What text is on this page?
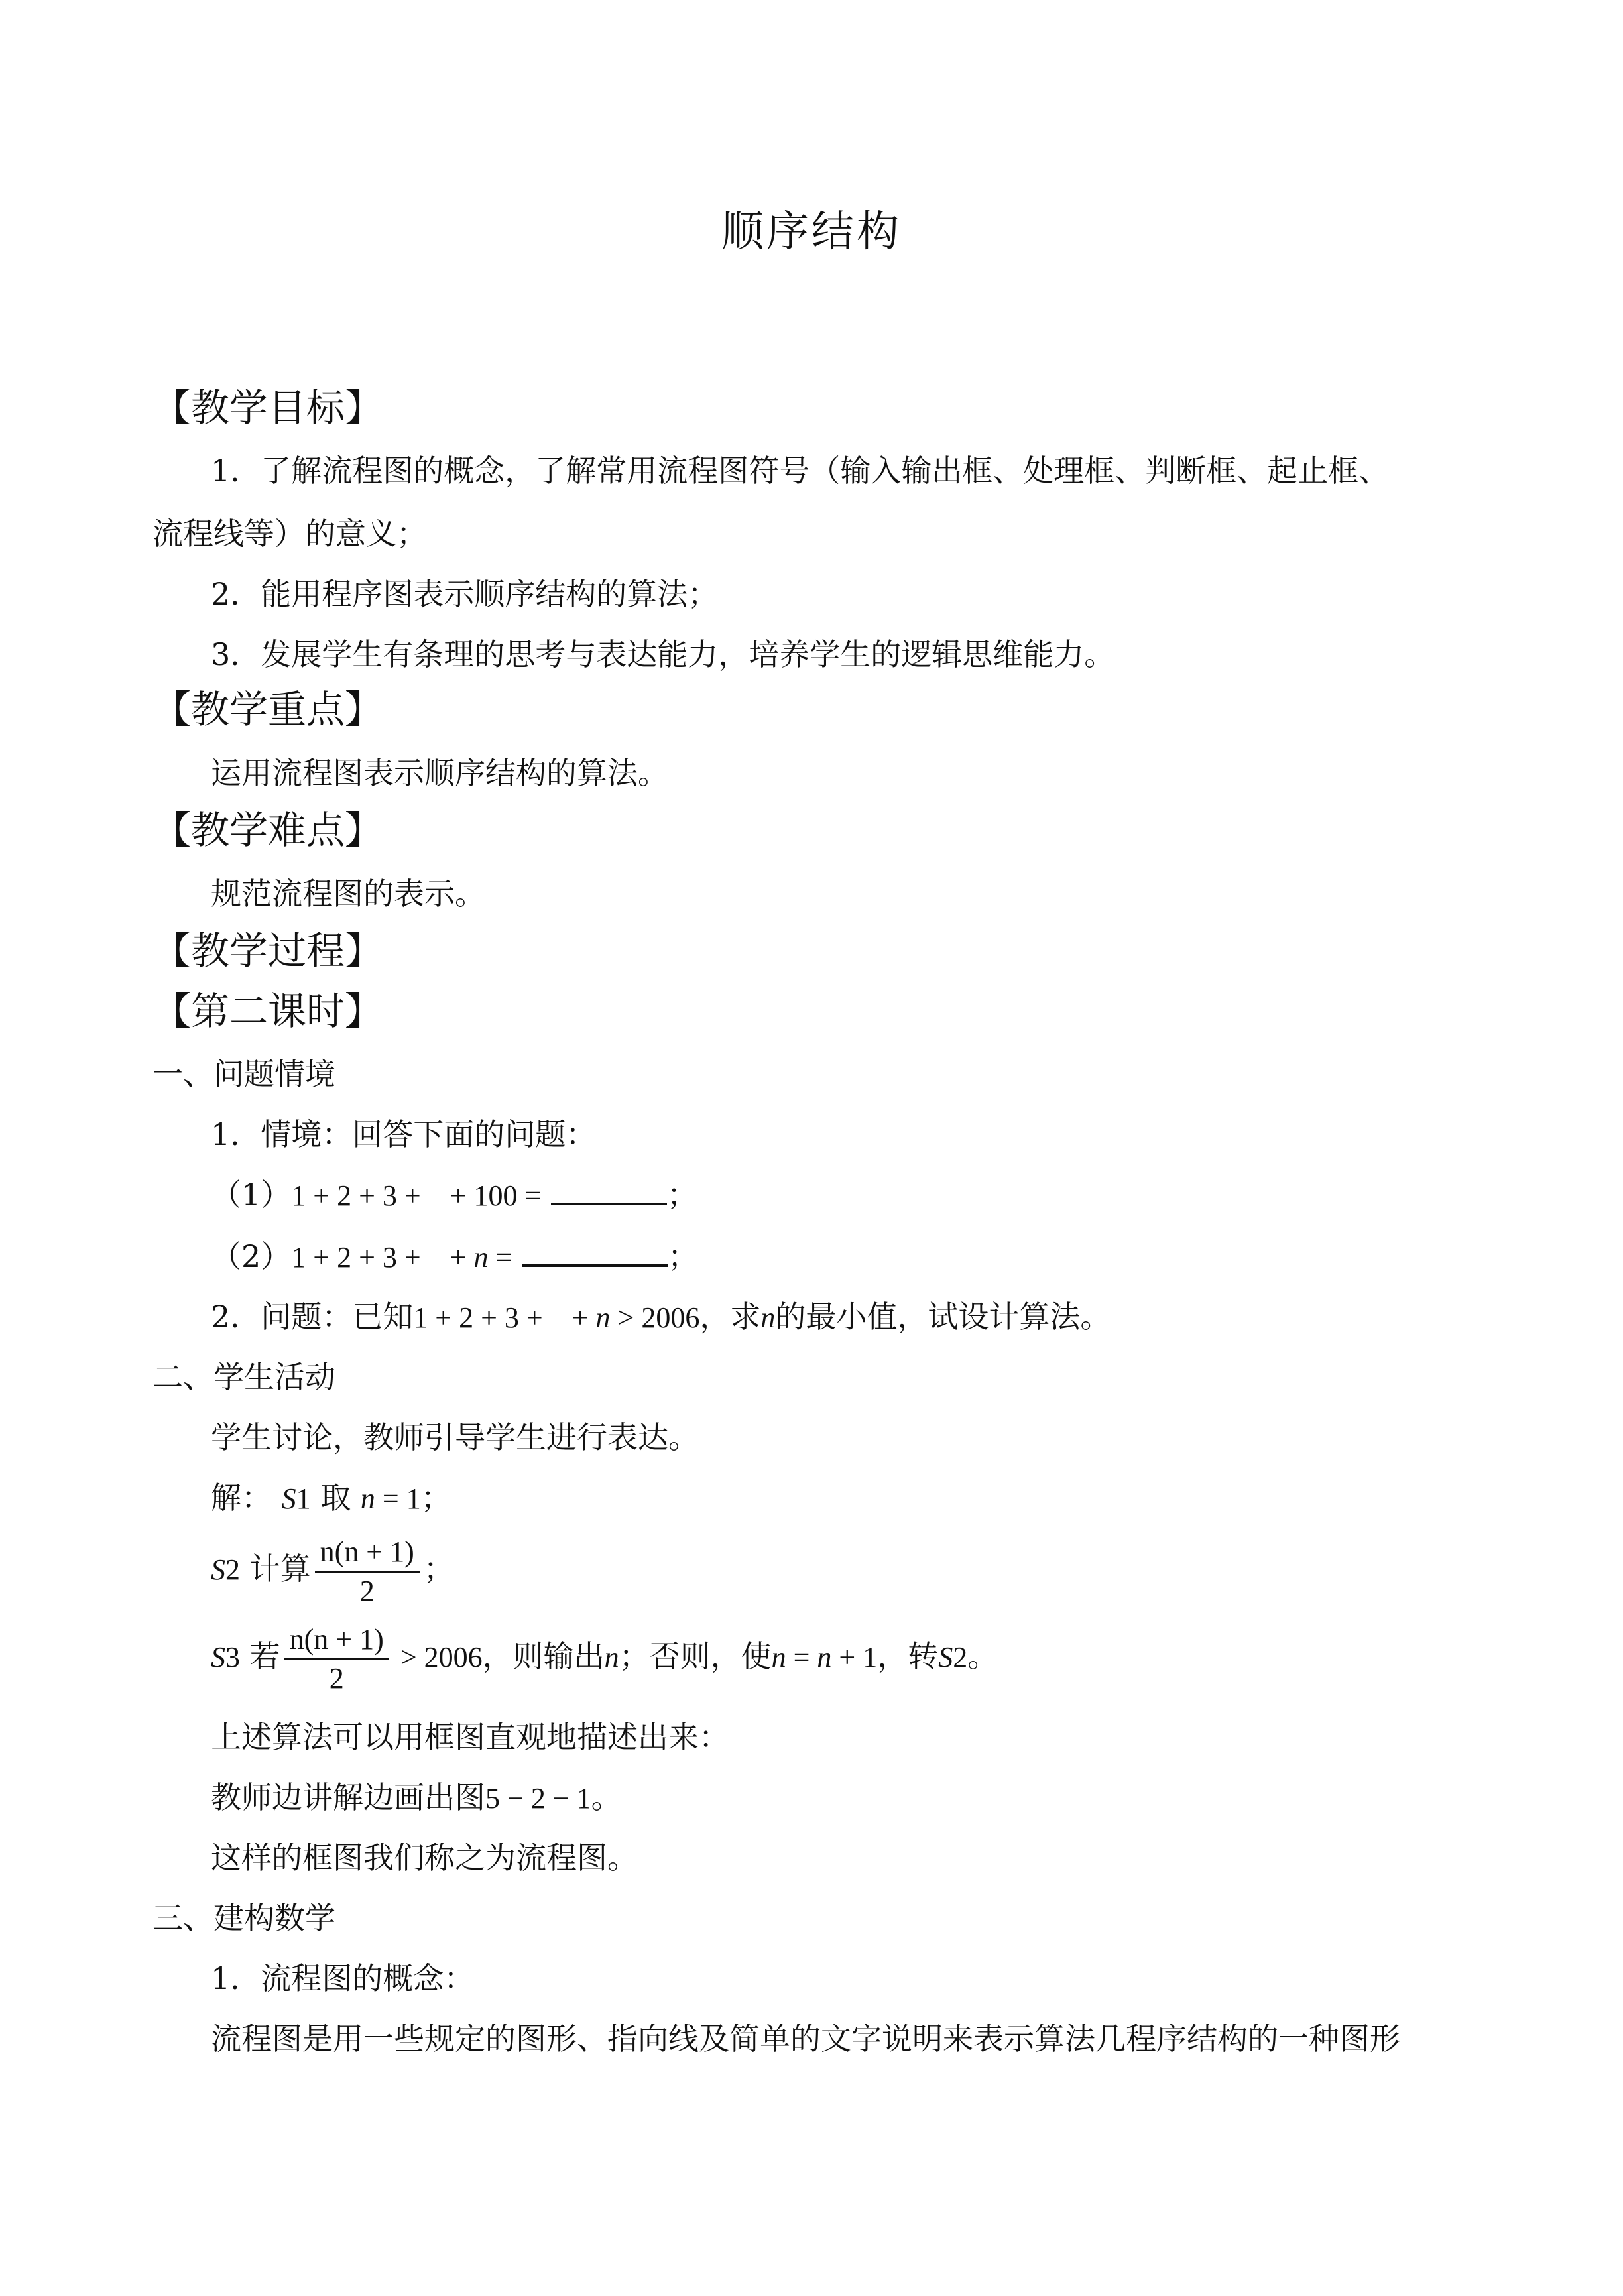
顺序结构
【教学目标】
1．了解流程图的概念，了解常用流程图符号（输入输出框、处理框、判断框、起止框、
流程线等）的意义；
2．能用程序图表示顺序结构的算法；
3．发展学生有条理的思考与表达能力，培养学生的逻辑思维能力。
【教学重点】
运用流程图表示顺序结构的算法。
【教学难点】
规范流程图的表示。
【教学过程】
【第二课时】
一、问题情境
1．情境：回答下面的问题：
（1）1 + 2 + 3 +    + 100 =	；
（2）1 + 2 + 3 +    + n =	；
2．问题：已知1 + 2 + 3 +    + n > 2006，求n的最小值，试设计算法。
二、学生活动
学生讨论，教师引导学生进行表达。
解： S1 取 n = 1；
S2 计算 $\frac{n(n + 1)}{2}$ ；
S3 若 $\frac{n(n + 1)}{2} > 2006$，则输出n；否则，使n = n + 1，转S2。
上述算法可以用框图直观地描述出来：
教师边讲解边画出图5 − 2 − 1。
这样的框图我们称之为流程图。
三、建构数学
1．流程图的概念：
流程图是用一些规定的图形、指向线及简单的文字说明来表示算法几程序结构的一种图形
